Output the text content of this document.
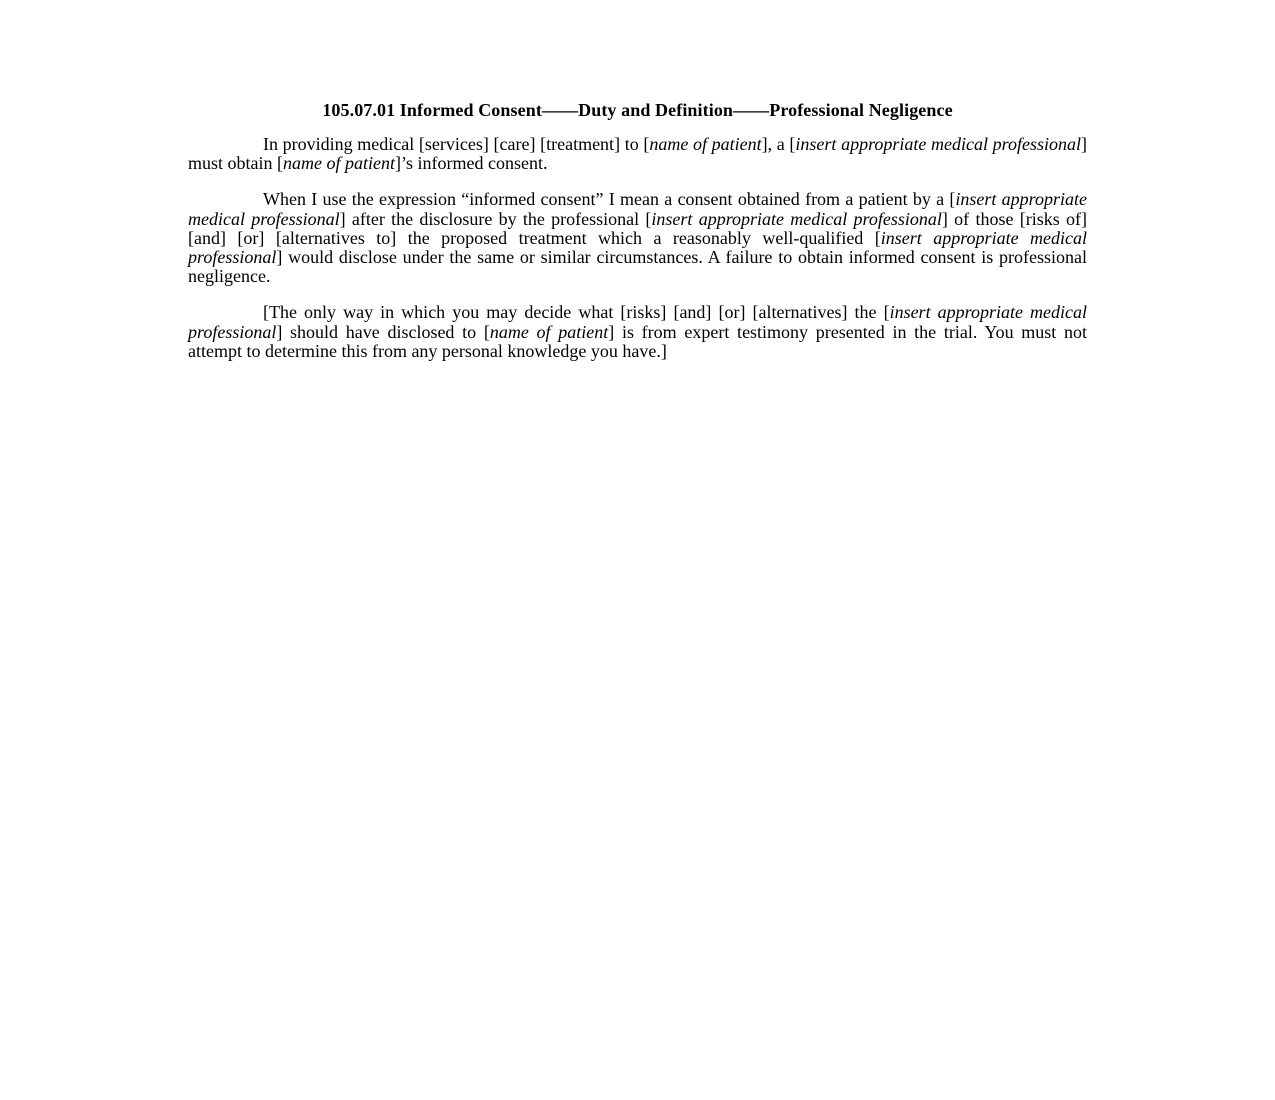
105.07.01 Informed Consent——Duty and Definition——Professional Negligence

In providing medical [services] [care] [treatment] to [name of patient], a [insert appropriate medical professional] must obtain [name of patient]’s informed consent.

When I use the expression “informed consent” I mean a consent obtained from a patient by a [insert appropriate medical professional] after the disclosure by the professional [insert appropriate medical professional] of those [risks of] [and] [or] [alternatives to] the proposed treatment which a reasonably well-qualified [insert appropriate medical professional] would disclose under the same or similar circumstances. A failure to obtain informed consent is professional negligence.

[The only way in which you may decide what [risks] [and] [or] [alternatives] the [insert appropriate medical professional] should have disclosed to [name of patient] is from expert testimony presented in the trial. You must not attempt to determine this from any personal knowledge you have.]
